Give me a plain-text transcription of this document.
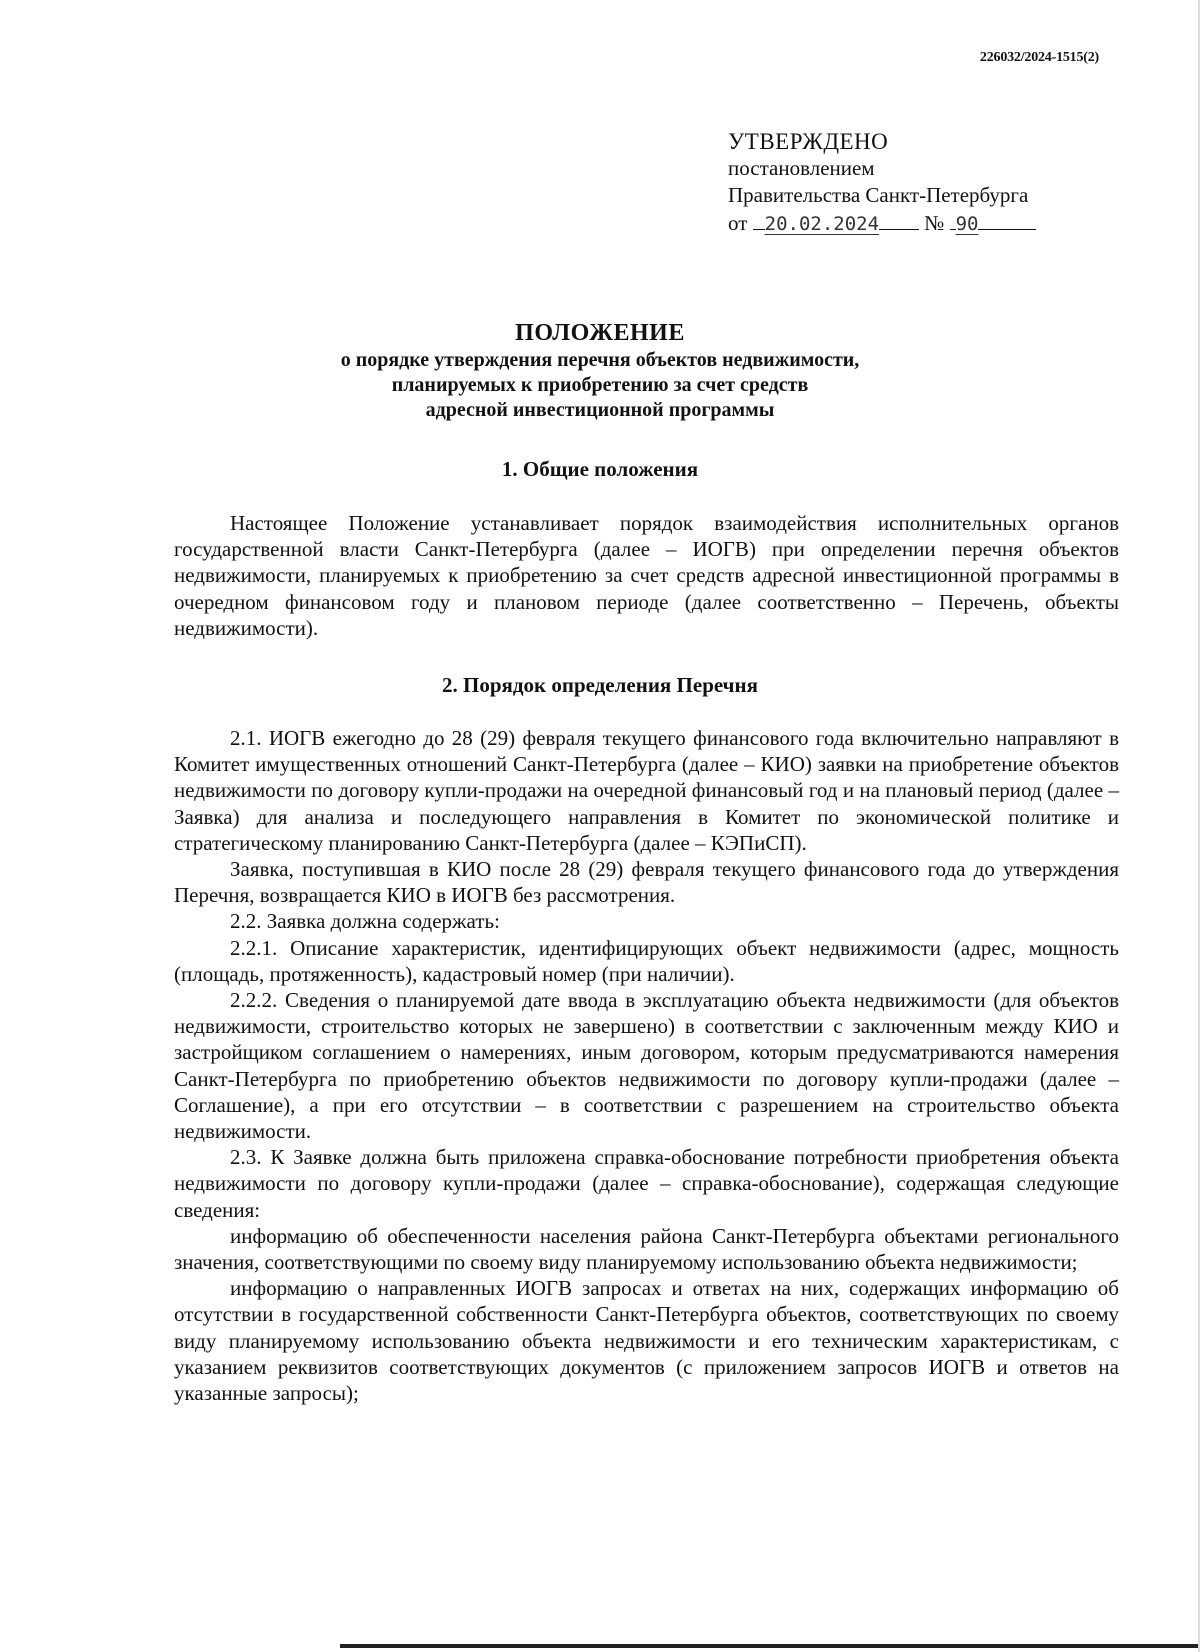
226032/2024-1515(2)
УТВЕРЖДЕНО
постановлением
Правительства Санкт-Петербурга
от 20.02.2024 № 90
ПОЛОЖЕНИЕ
о порядке утверждения перечня объектов недвижимости,
планируемых к приобретению за счет средств
адресной инвестиционной программы
1. Общие положения

Настоящее Положение устанавливает порядок взаимодействия исполнительных органов государственной власти Санкт-Петербурга (далее – ИОГВ) при определении перечня объектов недвижимости, планируемых к приобретению за счет средств адресной инвестиционной программы в очередном финансовом году и плановом периоде (далее соответственно – Перечень, объекты недвижимости).

2. Порядок определения Перечня

2.1. ИОГВ ежегодно до 28 (29) февраля текущего финансового года включительно направляют в Комитет имущественных отношений Санкт-Петербурга (далее – КИО) заявки на приобретение объектов недвижимости по договору купли-продажи на очередной финансовый год и на плановый период (далее – Заявка) для анализа и последующего направления в Комитет по экономической политике и стратегическому планированию Санкт-Петербурга (далее – КЭПиСП).

Заявка, поступившая в КИО после 28 (29) февраля текущего финансового года до утверждения Перечня, возвращается КИО в ИОГВ без рассмотрения.

2.2. Заявка должна содержать:

2.2.1. Описание характеристик, идентифицирующих объект недвижимости (адрес, мощность (площадь, протяженность), кадастровый номер (при наличии).

2.2.2. Сведения о планируемой дате ввода в эксплуатацию объекта недвижимости (для объектов недвижимости, строительство которых не завершено) в соответствии с заключенным между КИО и застройщиком соглашением о намерениях, иным договором, которым предусматриваются намерения Санкт-Петербурга по приобретению объектов недвижимости по договору купли-продажи (далее – Соглашение), а при его отсутствии – в соответствии с разрешением на строительство объекта недвижимости.

2.3. К Заявке должна быть приложена справка-обоснование потребности приобретения объекта недвижимости по договору купли-продажи (далее – справка-обоснование), содержащая следующие сведения:

информацию об обеспеченности населения района Санкт-Петербурга объектами регионального значения, соответствующими по своему виду планируемому использованию объекта недвижимости;

информацию о направленных ИОГВ запросах и ответах на них, содержащих информацию об отсутствии в государственной собственности Санкт-Петербурга объектов, соответствующих по своему виду планируемому использованию объекта недвижимости и его техническим характеристикам, с указанием реквизитов соответствующих документов (с приложением запросов ИОГВ и ответов на указанные запросы);
